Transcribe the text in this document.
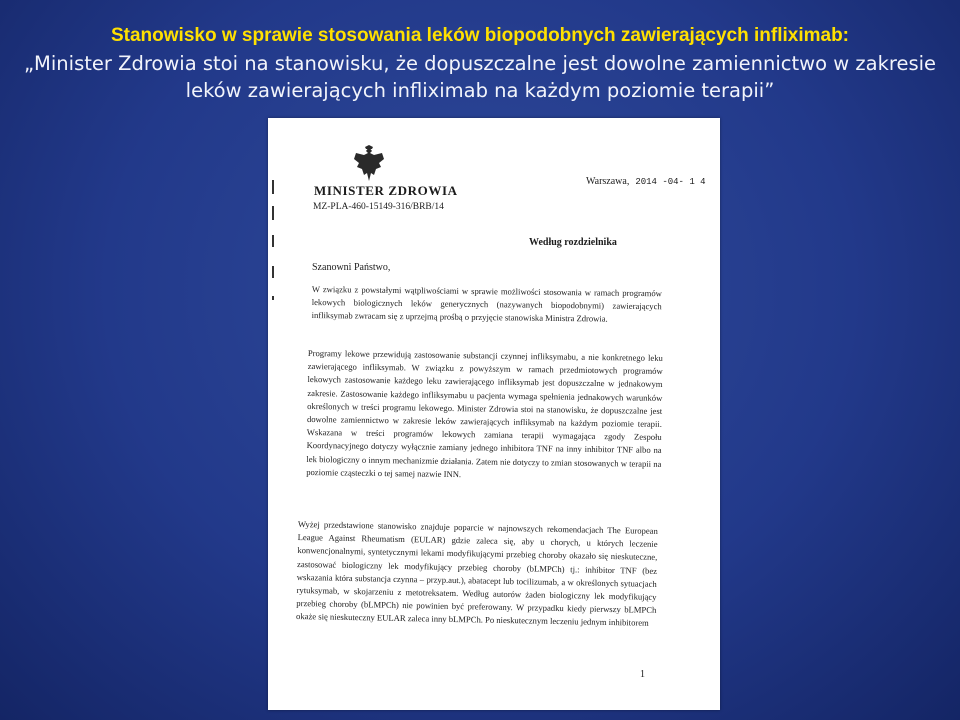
Stanowisko w sprawie stosowania leków biopodobnych zawierających infliximab:
„Minister Zdrowia stoi na stanowisku, że dopuszczalne jest dowolne zamiennictwo w zakresie leków zawierających infliximab na każdym poziomie terapii”
MINISTER ZDROWIA
MZ-PLA-460-15149-316/BRB/14
Warszawa, 2014 -04- 1 4
Według rozdzielnika
Szanowni Państwo,
W związku z powstałymi wątpliwościami w sprawie możliwości stosowania w ramach programów lekowych biologicznych leków generycznych (nazywanych biopodobnymi) zawierających infliksymab zwracam się z uprzejmą prośbą o przyjęcie stanowiska Ministra Zdrowia.
Programy lekowe przewidują zastosowanie substancji czynnej infliksymabu, a nie konkretnego leku zawierającego infliksymab. W związku z powyższym w ramach przedmiotowych programów lekowych zastosowanie każdego leku zawierającego infliksymab jest dopuszczalne w jednakowym zakresie. Zastosowanie każdego infliksymabu u pacjenta wymaga spełnienia jednakowych warunków określonych w treści programu lekowego. Minister Zdrowia stoi na stanowisku, że dopuszczalne jest dowolne zamiennictwo w zakresie leków zawierających infliksymab na każdym poziomie terapii. Wskazana w treści programów lekowych zamiana terapii wymagająca zgody Zespołu Koordynacyjnego dotyczy wyłącznie zamiany jednego inhibitora TNF na inny inhibitor TNF albo na lek biologiczny o innym mechanizmie działania. Zatem nie dotyczy to zmian stosowanych w terapii na poziomie cząsteczki o tej samej nazwie INN.
Wyżej przedstawione stanowisko znajduje poparcie w najnowszych rekomendacjach The European League Against Rheumatism (EULAR) gdzie zaleca się, aby u chorych, u których leczenie konwencjonalnymi, syntetycznymi lekami modyfikującymi przebieg choroby okazało się nieskuteczne, zastosować biologiczny lek modyfikujący przebieg choroby (bLMPCh) tj.: inhibitor TNF (bez wskazania która substancja czynna – przyp.aut.), abatacept lub tocilizumab, a w określonych sytuacjach rytuksymab, w skojarzeniu z metotreksatem. Według autorów żaden biologiczny lek modyfikujący przebieg choroby (bLMPCh) nie powinien być preferowany. W przypadku kiedy pierwszy bLMPCh okaże się nieskuteczny EULAR zaleca inny bLMPCh. Po nieskutecznym leczeniu jednym inhibitorem
1
